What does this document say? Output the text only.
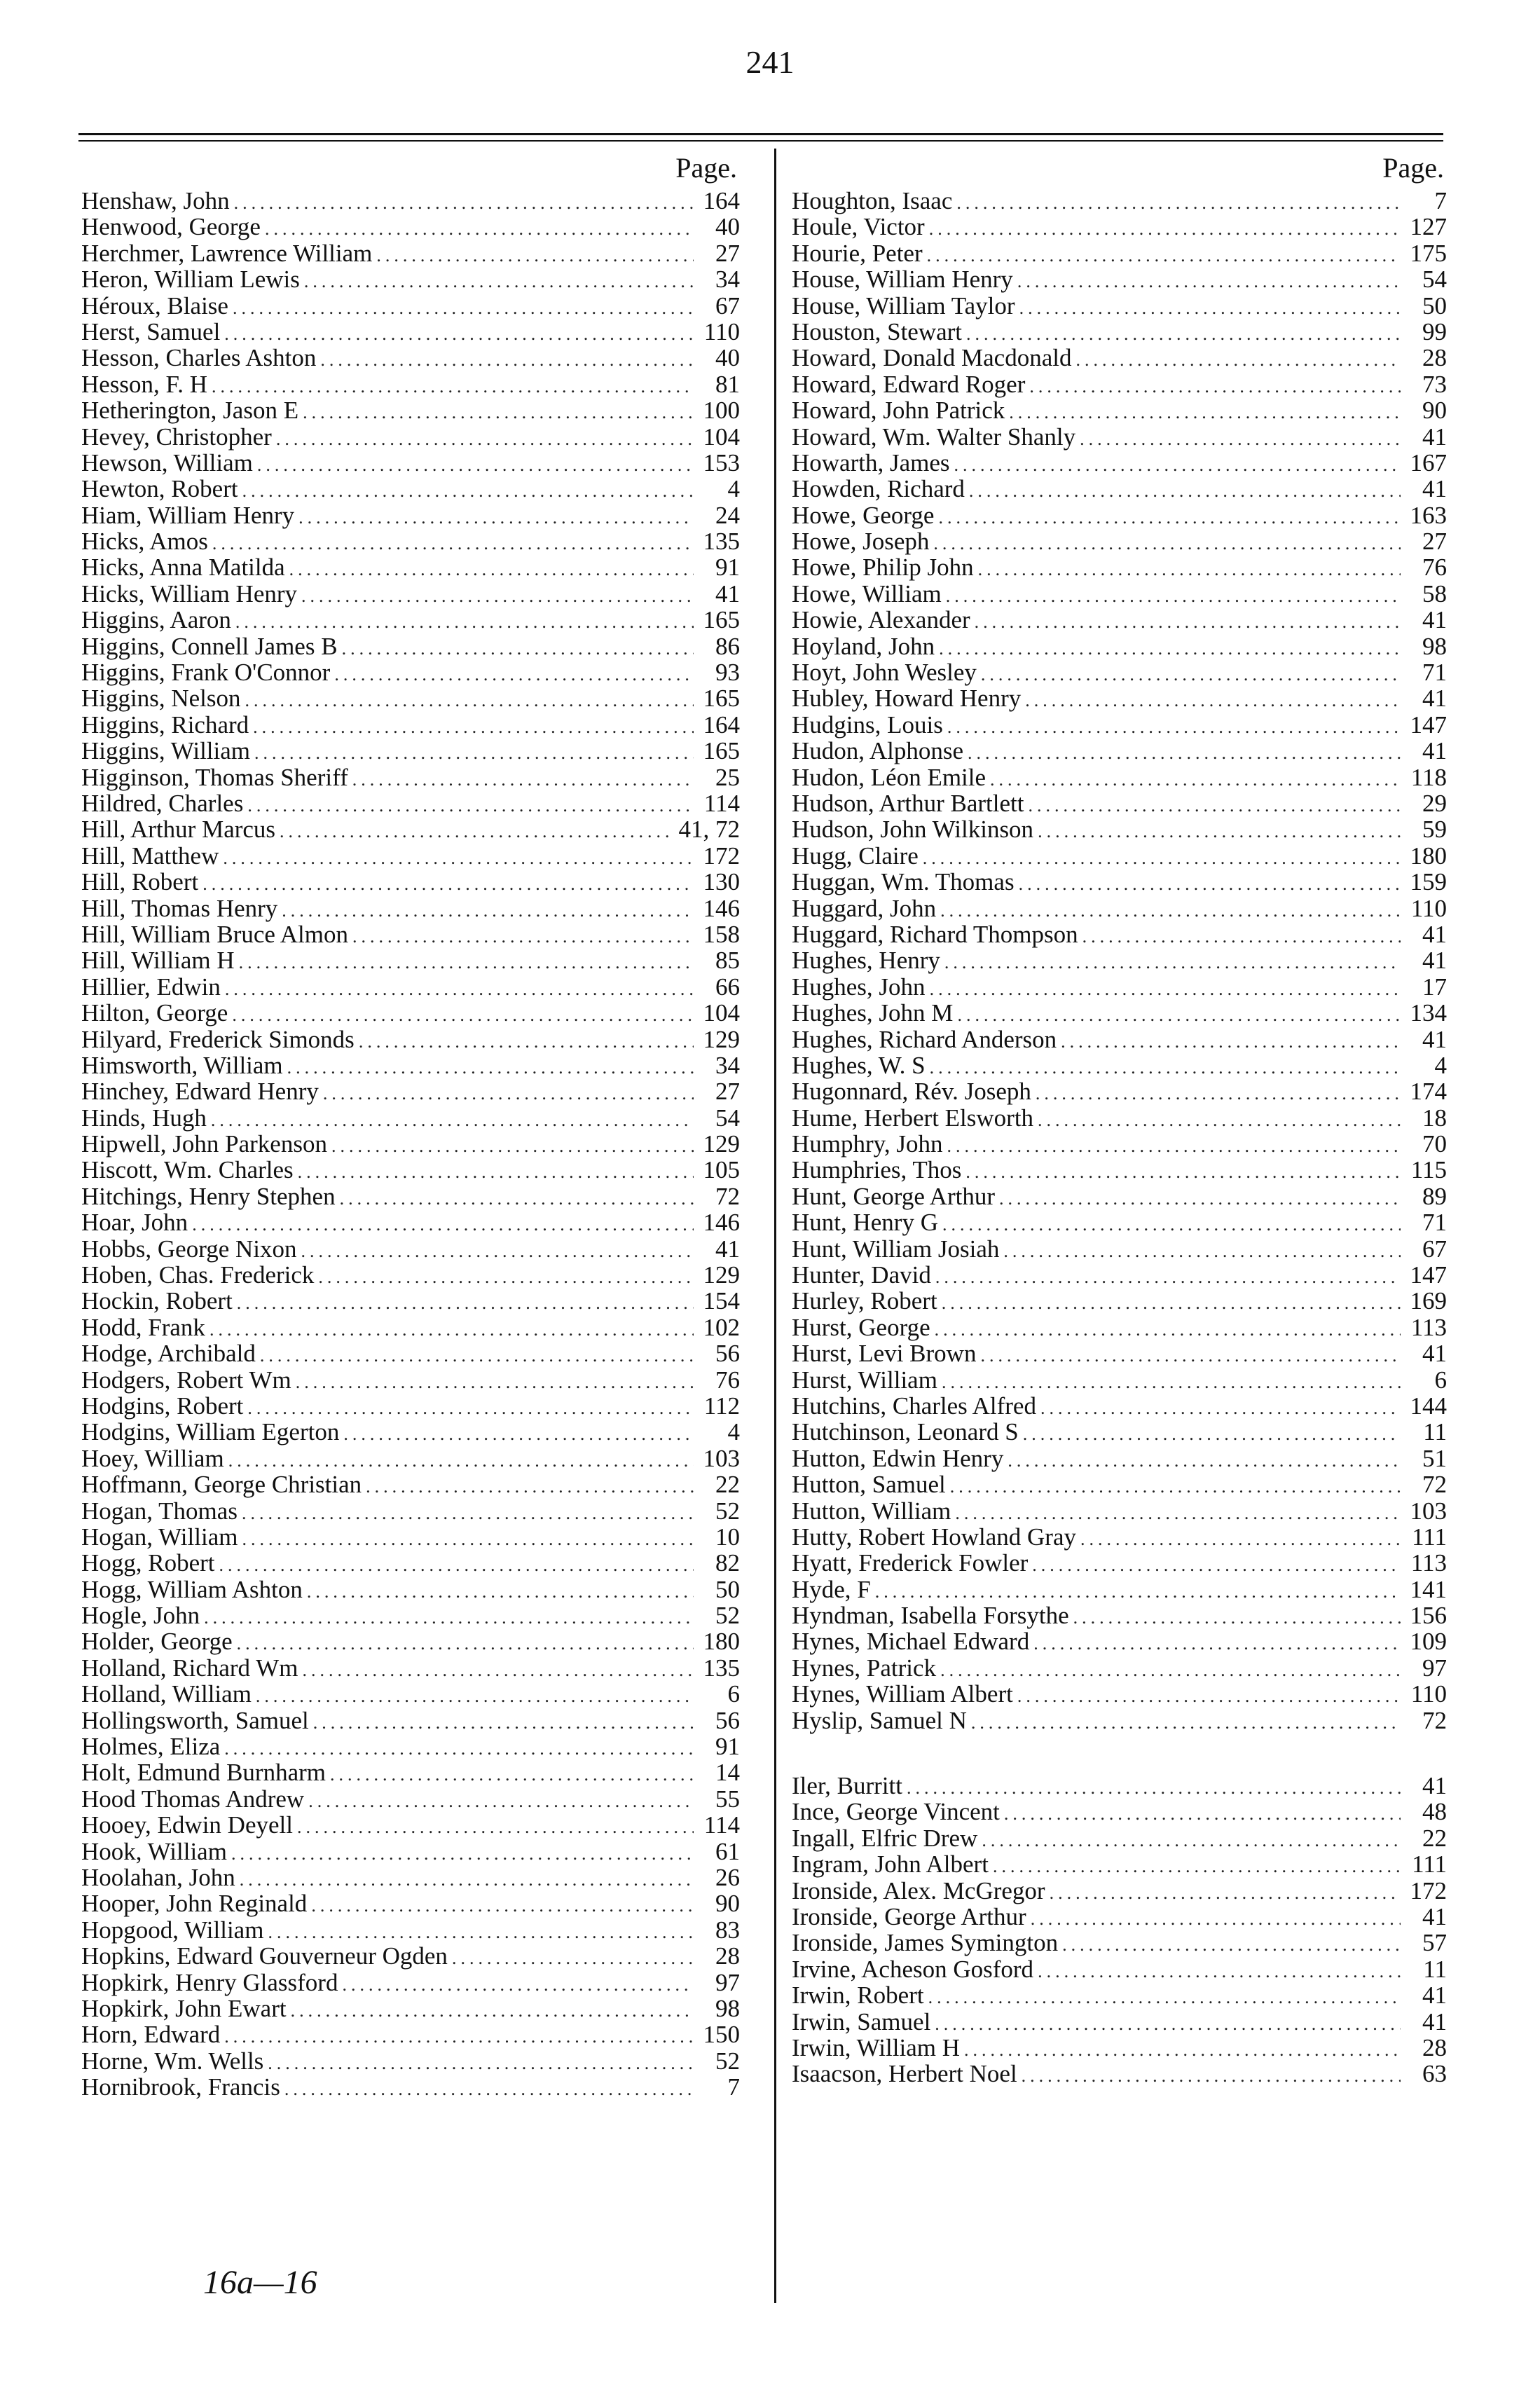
241
Page.
Henshaw, John .....	164
Henwood, George .....	40
Herchmer, Lawrence William .....	27
Heron, William Lewis .....	34
Héroux, Blaise .....	67
Herst, Samuel .....	110
Hesson, Charles Ashton .....	40
Hesson, F. H .....	81
Hetherington, Jason E .....	100
Hevey, Christopher .....	104
Hewson, William .....	153
Hewton, Robert .....	4
Hiam, William Henry .....	24
Hicks, Amos .....	135
Hicks, Anna Matilda .....	91
Hicks, William Henry .....	41
Higgins, Aaron .....	165
Higgins, Connell James B .....	86
Higgins, Frank O'Connor .....	93
Higgins, Nelson .....	165
Higgins, Richard .....	164
Higgins, William .....	165
Higginson, Thomas Sheriff .....	25
Hildred, Charles .....	114
Hill, Arthur Marcus .....	41, 72
Hill, Matthew .....	172
Hill, Robert .....	130
Hill, Thomas Henry .....	146
Hill, William Bruce Almon .....	158
Hill, William H .....	85
Hillier, Edwin .....	66
Hilton, George .....	104
Hilyard, Frederick Simonds .....	129
Himsworth, William .....	34
Hinchey, Edward Henry .....	27
Hinds, Hugh .....	54
Hipwell, John Parkenson .....	129
Hiscott, Wm. Charles .....	105
Hitchings, Henry Stephen .....	72
Hoar, John .....	146
Hobbs, George Nixon .....	41
Hoben, Chas. Frederick .....	129
Hockin, Robert .....	154
Hodd, Frank .....	102
Hodge, Archibald .....	56
Hodgers, Robert Wm .....	76
Hodgins, Robert .....	112
Hodgins, William Egerton .....	4
Hoey, William .....	103
Hoffmann, George Christian .....	22
Hogan, Thomas .....	52
Hogan, William .....	10
Hogg, Robert .....	82
Hogg, William Ashton .....	50
Hogle, John .....	52
Holder, George .....	180
Holland, Richard Wm .....	135
Holland, William .....	6
Hollingsworth, Samuel .....	56
Holmes, Eliza .....	91
Holt, Edmund Burnharm .....	14
Hood Thomas Andrew .....	55
Hooey, Edwin Deyell .....	114
Hook, William .....	61
Hoolahan, John .....	26
Hooper, John Reginald .....	90
Hopgood, William .....	83
Hopkins, Edward Gouverneur Ogden .....	28
Hopkirk, Henry Glassford .....	97
Hopkirk, John Ewart .....	98
Horn, Edward .....	150
Horne, Wm. Wells .....	52
Hornibrook, Francis .....	7
Page.
Houghton, Isaac .....	7
Houle, Victor .....	127
Hourie, Peter .....	175
House, William Henry .....	54
House, William Taylor .....	50
Houston, Stewart .....	99
Howard, Donald Macdonald .....	28
Howard, Edward Roger .....	73
Howard, John Patrick .....	90
Howard, Wm. Walter Shanly .....	41
Howarth, James .....	167
Howden, Richard .....	41
Howe, George .....	163
Howe, Joseph .....	27
Howe, Philip John .....	76
Howe, William .....	58
Howie, Alexander .....	41
Hoyland, John .....	98
Hoyt, John Wesley .....	71
Hubley, Howard Henry .....	41
Hudgins, Louis .....	147
Hudon, Alphonse .....	41
Hudon, Léon Emile .....	118
Hudson, Arthur Bartlett .....	29
Hudson, John Wilkinson .....	59
Hugg, Claire .....	180
Huggan, Wm. Thomas .....	159
Huggard, John .....	110
Huggard, Richard Thompson .....	41
Hughes, Henry .....	41
Hughes, John .....	17
Hughes, John M .....	134
Hughes, Richard Anderson .....	41
Hughes, W. S .....	4
Hugonnard, Rév. Joseph .....	174
Hume, Herbert Elsworth .....	18
Humphry, John .....	70
Humphries, Thos .....	115
Hunt, George Arthur .....	89
Hunt, Henry G .....	71
Hunt, William Josiah .....	67
Hunter, David .....	147
Hurley, Robert .....	169
Hurst, George .....	113
Hurst, Levi Brown .....	41
Hurst, William .....	6
Hutchins, Charles Alfred .....	144
Hutchinson, Leonard S .....	11
Hutton, Edwin Henry .....	51
Hutton, Samuel .....	72
Hutton, William .....	103
Hutty, Robert Howland Gray .....	111
Hyatt, Frederick Fowler .....	113
Hyde, F .....	141
Hyndman, Isabella Forsythe .....	156
Hynes, Michael Edward .....	109
Hynes, Patrick .....	97
Hynes, William Albert .....	110
Hyslip, Samuel N .....	72
Iler, Burritt .....	41
Ince, George Vincent .....	48
Ingall, Elfric Drew .....	22
Ingram, John Albert .....	111
Ironside, Alex. McGregor .....	172
Ironside, George Arthur .....	41
Ironside, James Symington .....	57
Irvine, Acheson Gosford .....	11
Irwin, Robert .....	41
Irwin, Samuel .....	41
Irwin, William H .....	28
Isaacson, Herbert Noel .....	63
16a—16
